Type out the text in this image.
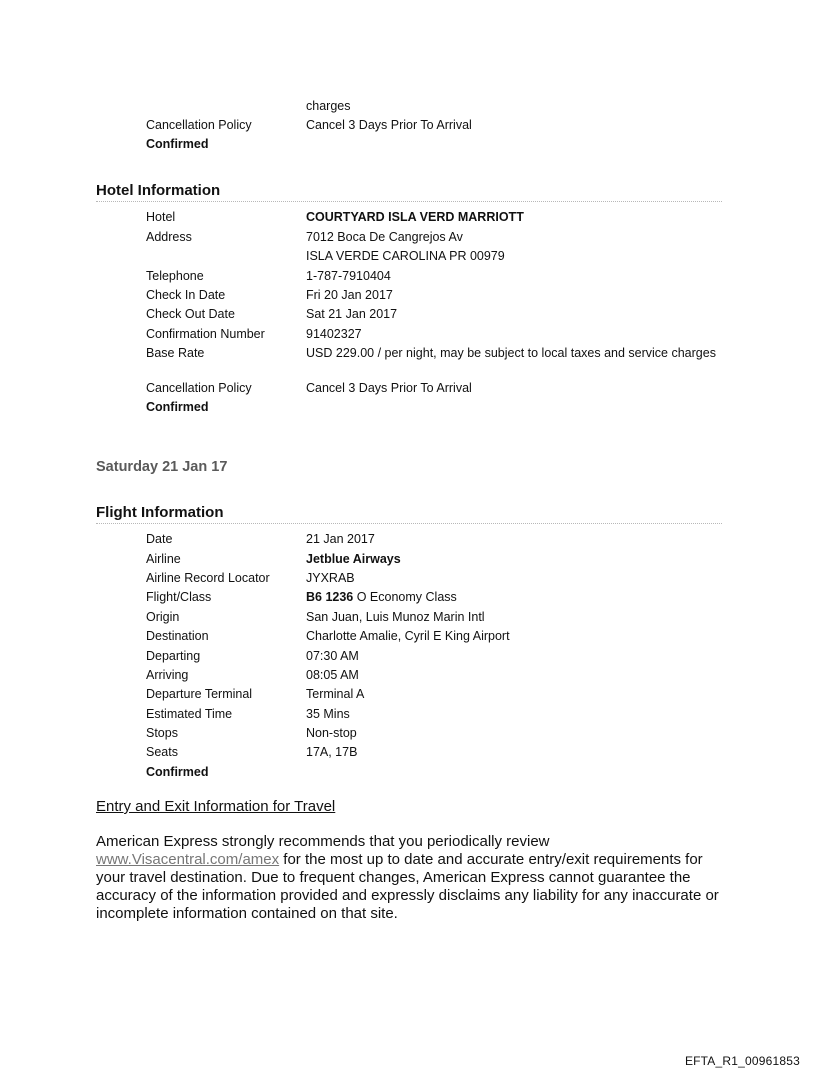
charges
Cancellation Policy	Cancel 3 Days Prior To Arrival
Confirmed
Hotel Information
Hotel	COURTYARD ISLA VERD MARRIOTT
Address	7012 Boca De Cangrejos Av
ISLA VERDE CAROLINA PR 00979
Telephone	1-787-7910404
Check In Date	Fri 20 Jan 2017
Check Out Date	Sat 21 Jan 2017
Confirmation Number	91402327
Base Rate	USD 229.00 / per night, may be subject to local taxes and service charges
Cancellation Policy	Cancel 3 Days Prior To Arrival
Confirmed
Saturday 21 Jan 17
Flight Information
Date	21 Jan 2017
Airline	Jetblue Airways
Airline Record Locator	JYXRAB
Flight/Class	B6 1236 O Economy Class
Origin	San Juan, Luis Munoz Marin Intl
Destination	Charlotte Amalie, Cyril E King Airport
Departing	07:30 AM
Arriving	08:05 AM
Departure Terminal	Terminal A
Estimated Time	35 Mins
Stops	Non-stop
Seats	17A, 17B
Confirmed
Entry and Exit Information for Travel
American Express strongly recommends that you periodically review www.Visacentral.com/amex for the most up to date and accurate entry/exit requirements for your travel destination. Due to frequent changes, American Express cannot guarantee the accuracy of the information provided and expressly disclaims any liability for any inaccurate or incomplete information contained on that site.
EFTA_R1_00961853
